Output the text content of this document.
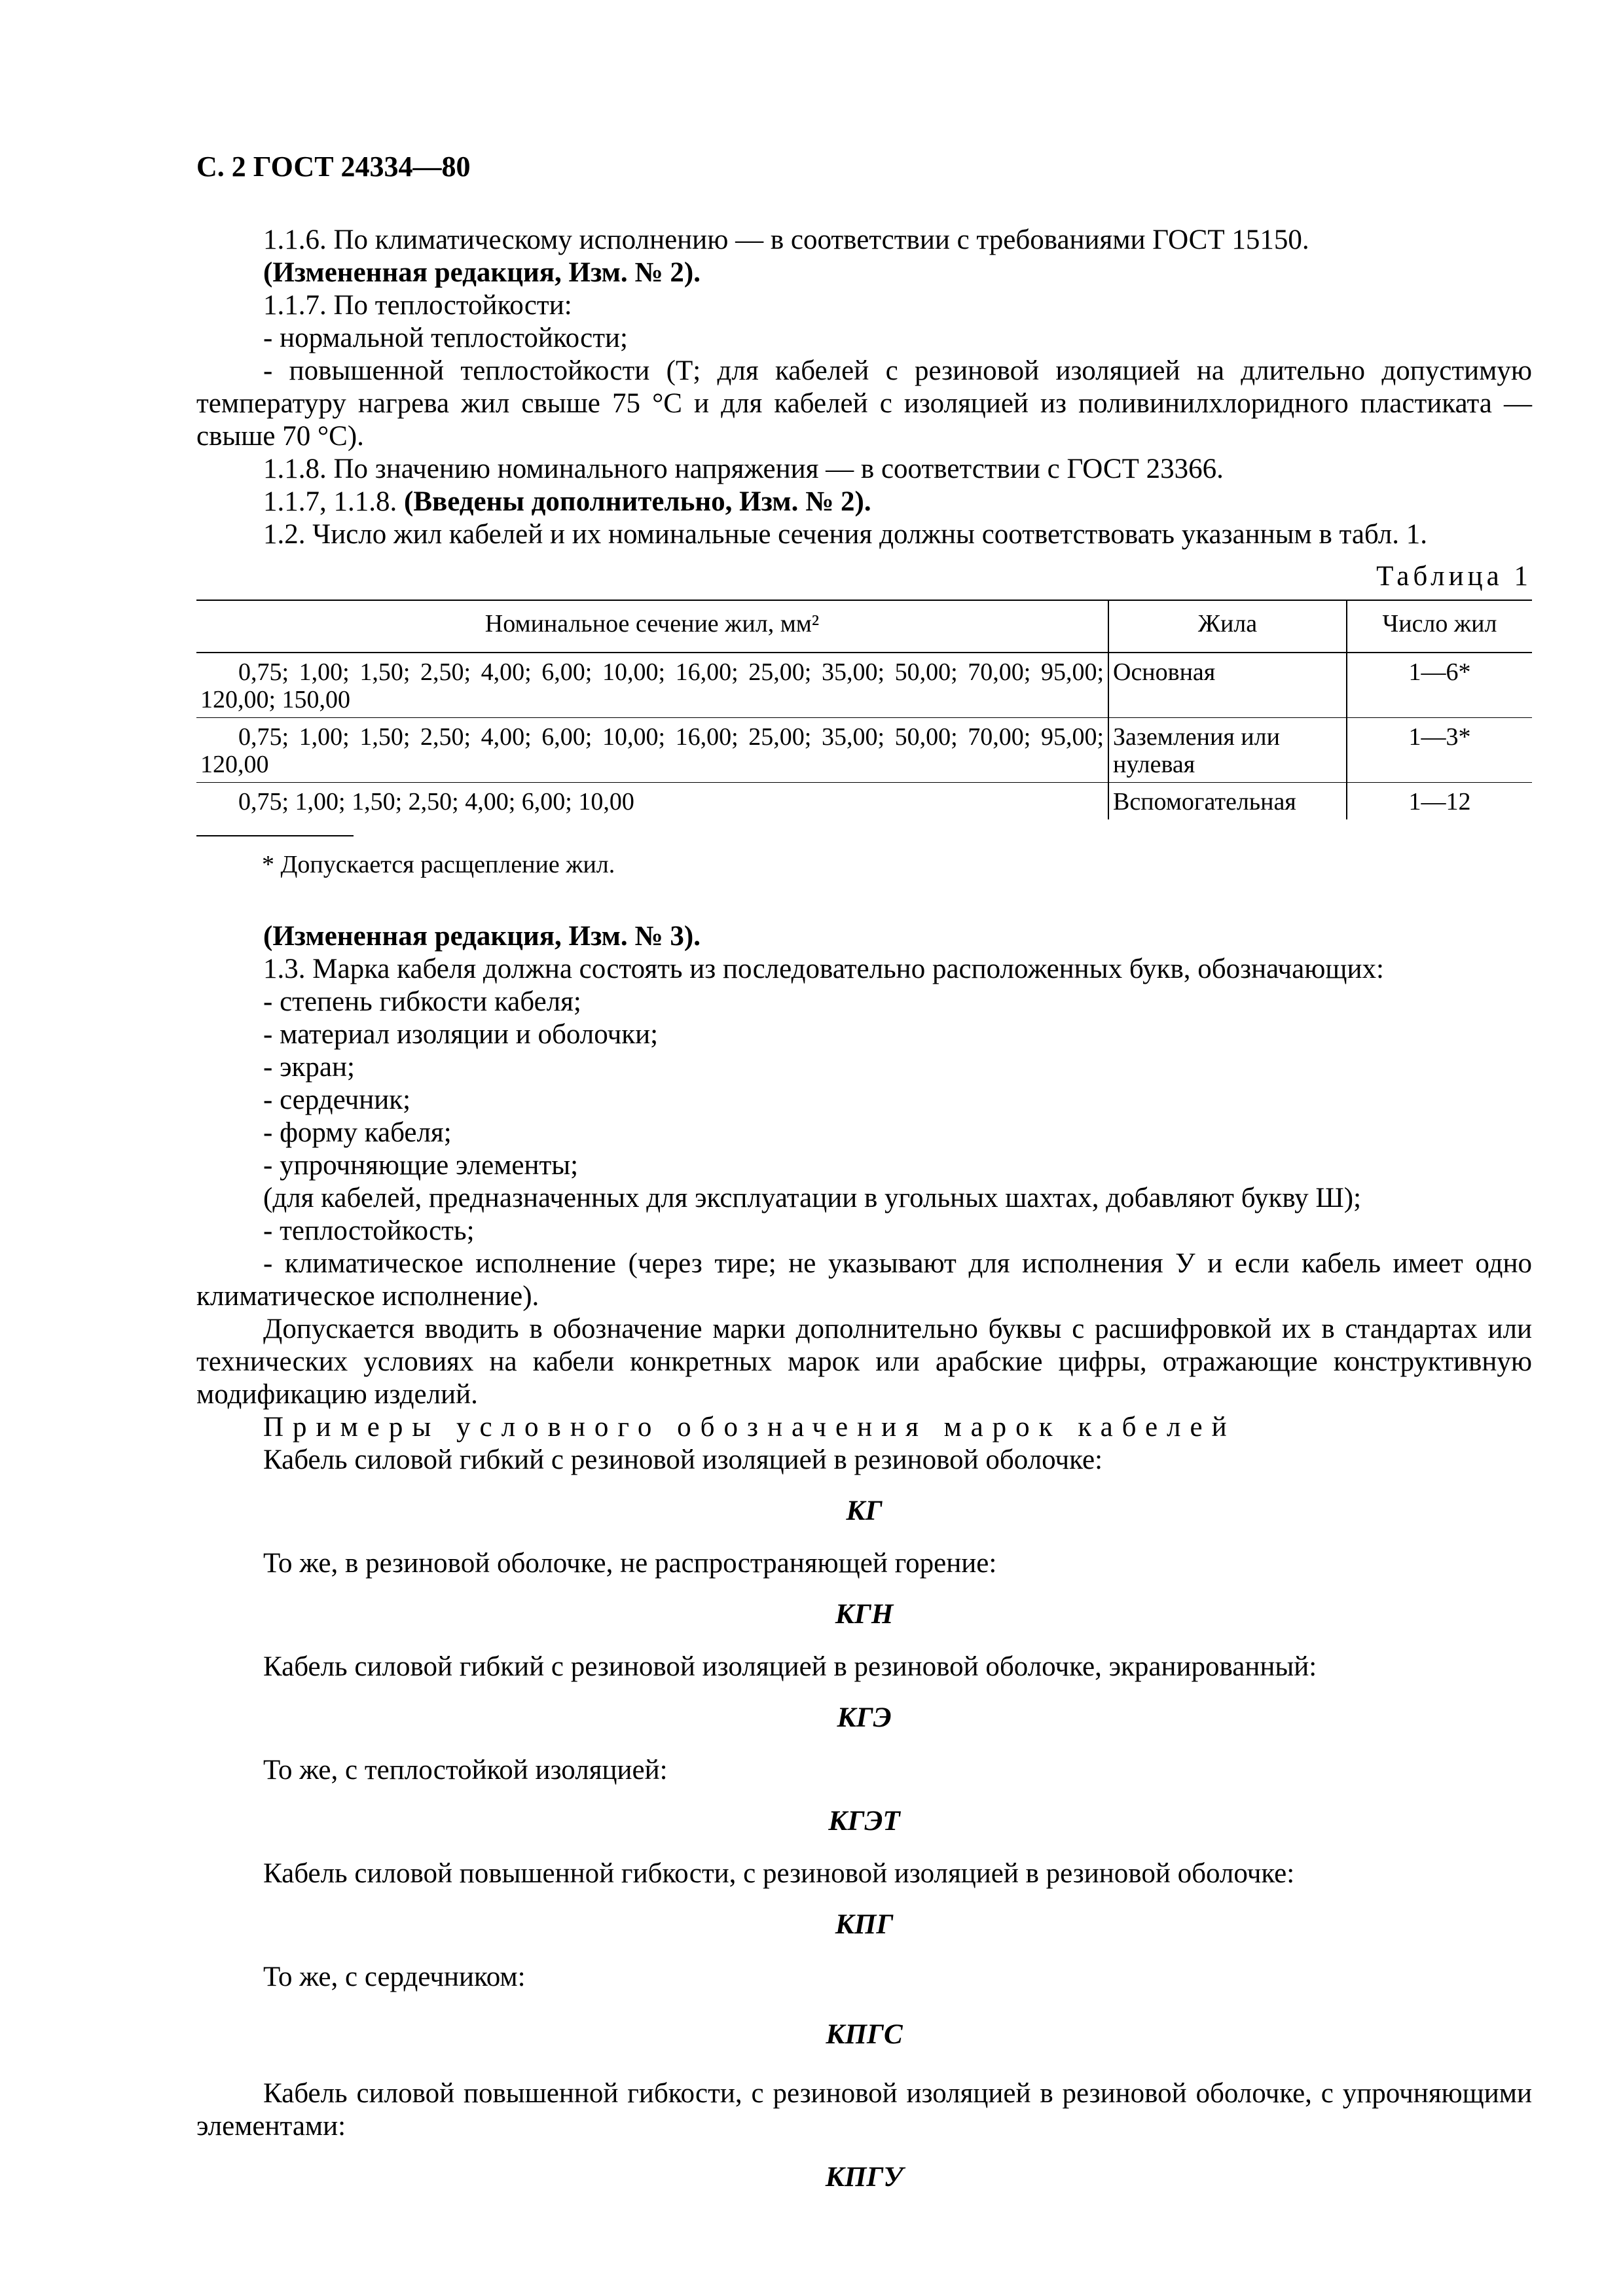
С. 2 ГОСТ 24334—80

1.1.6. По климатическому исполнению — в соответствии с требованиями ГОСТ 15150.

(Измененная редакция, Изм. № 2).

1.1.7. По теплостойкости:

- нормальной теплостойкости;

- повышенной теплостойкости (Т; для кабелей с резиновой изоляцией на длительно допустимую температуру нагрева жил свыше 75 °С и для кабелей с изоляцией из поливинилхлоридного пластиката — свыше 70 °С).

1.1.8. По значению номинального напряжения — в соответствии с ГОСТ 23366.

1.1.7, 1.1.8. (Введены дополнительно, Изм. № 2).

1.2. Число жил кабелей и их номинальные сечения должны соответствовать указанным в табл. 1.

Таблица 1
Номинальное сечение жил, мм²	Жила	Число жил
0,75; 1,00; 1,50; 2,50; 4,00; 6,00; 10,00; 16,00; 25,00; 35,00; 50,00; 70,00; 95,00; 120,00; 150,00	Основная	1—6*
0,75; 1,00; 1,50; 2,50; 4,00; 6,00; 10,00; 16,00; 25,00; 35,00; 50,00; 70,00; 95,00; 120,00	Заземления или нулевая	1—3*
0,75; 1,00; 1,50; 2,50; 4,00; 6,00; 10,00	Вспомогательная	1—12
* Допускается расщепление жил.

(Измененная редакция, Изм. № 3).

1.3. Марка кабеля должна состоять из последовательно расположенных букв, обозначающих:

- степень гибкости кабеля;

- материал изоляции и оболочки;

- экран;

- сердечник;

- форму кабеля;

- упрочняющие элементы;

(для кабелей, предназначенных для эксплуатации в угольных шахтах, добавляют букву Ш);

- теплостойкость;

- климатическое исполнение (через тире; не указывают для исполнения У и если кабель имеет одно климатическое исполнение).

Допускается вводить в обозначение марки дополнительно буквы с расшифровкой их в стандартах или технических условиях на кабели конкретных марок или арабские цифры, отражающие конструктивную модификацию изделий.

Примеры условного обозначения марок кабелей

Кабель силовой гибкий с резиновой изоляцией в резиновой оболочке:

КГ

То же, в резиновой оболочке, не распространяющей горение:

КГН

Кабель силовой гибкий с резиновой изоляцией в резиновой оболочке, экранированный:

КГЭ

То же, с теплостойкой изоляцией:

КГЭТ

Кабель силовой повышенной гибкости, с резиновой изоляцией в резиновой оболочке:

КПГ

То же, с сердечником:

КПГС

Кабель силовой повышенной гибкости, с резиновой изоляцией в резиновой оболочке, с упрочняющими элементами:

КПГУ
